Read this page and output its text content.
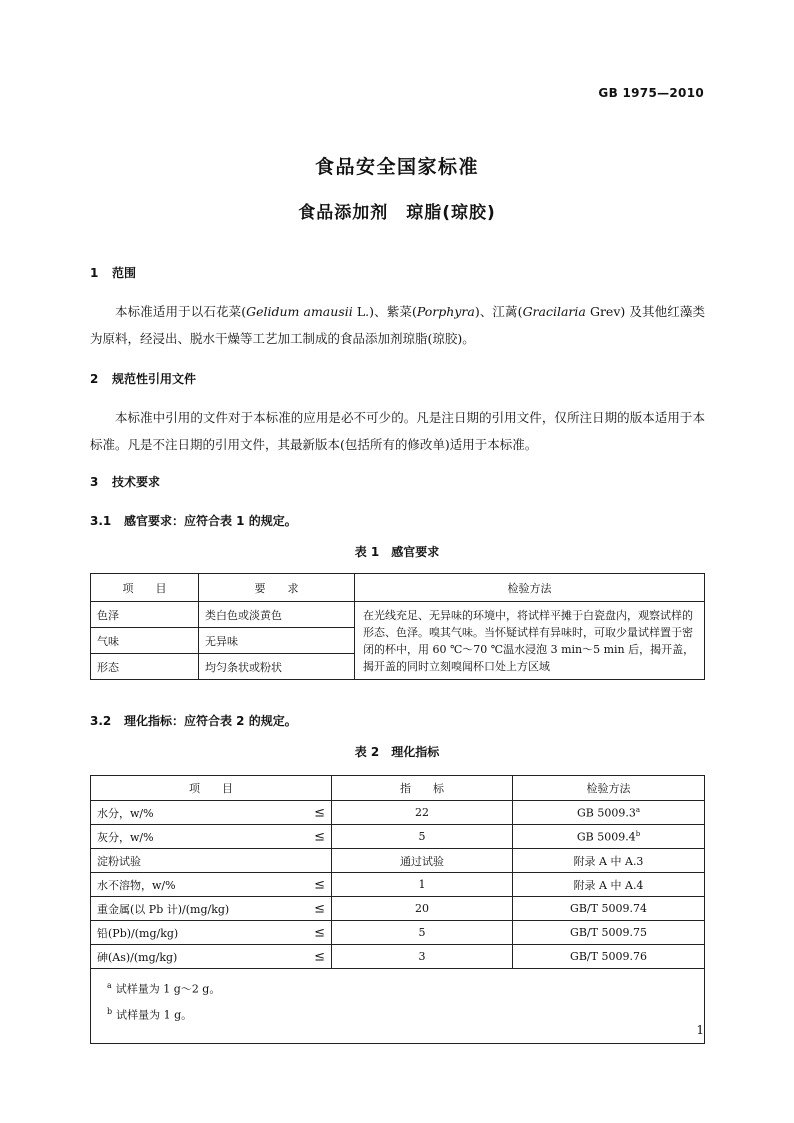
GB 1975—2010
食品安全国家标准
食品添加剂　琼脂(琼胶)
1 范围
本标准适用于以石花菜(Gelidum amausii L.)、紫菜(Porphyra)、江蓠(Gracilaria Grev) 及其他红藻类为原料，经浸出、脱水干燥等工艺加工制成的食品添加剂琼脂(琼胶)。
2 规范性引用文件
本标准中引用的文件对于本标准的应用是必不可少的。凡是注日期的引用文件，仅所注日期的版本适用于本标准。凡是不注日期的引用文件，其最新版本(包括所有的修改单)适用于本标准。
3 技术要求
3.1 感官要求：应符合表 1 的规定。
表 1　感官要求
项　　目	要　　求	检验方法
色泽	类白色或淡黄色	在光线充足、无异味的环境中，将试样平摊于白瓷盘内，观察试样的形态、色泽。嗅其气味。当怀疑试样有异味时，可取少量试样置于密闭的杯中，用 60 ℃～70 ℃温水浸泡 3 min～5 min 后，揭开盖，揭开盖的同时立刻嗅闻杯口处上方区域
气味	无异味	
形态	均匀条状或粉状	
3.2 理化指标：应符合表 2 的规定。
表 2　理化指标
项　　目	指　　标	检验方法
水分，w/% ≤	22	GB 5009.3$^a$
灰分，w/% ≤	5	GB 5009.4$^b$
淀粉试验	通过试验	附录 A 中 A.3
水不溶物，w/% ≤	1	附录 A 中 A.4
重金属(以 Pb 计)/(mg/kg) ≤	20	GB/T 5009.74
铅(Pb)/(mg/kg) ≤	5	GB/T 5009.75
砷(As)/(mg/kg) ≤	3	GB/T 5009.76

$^a$ 试样量为 1 g～2 g。
$^b$ 试样量为 1 g。		
1
